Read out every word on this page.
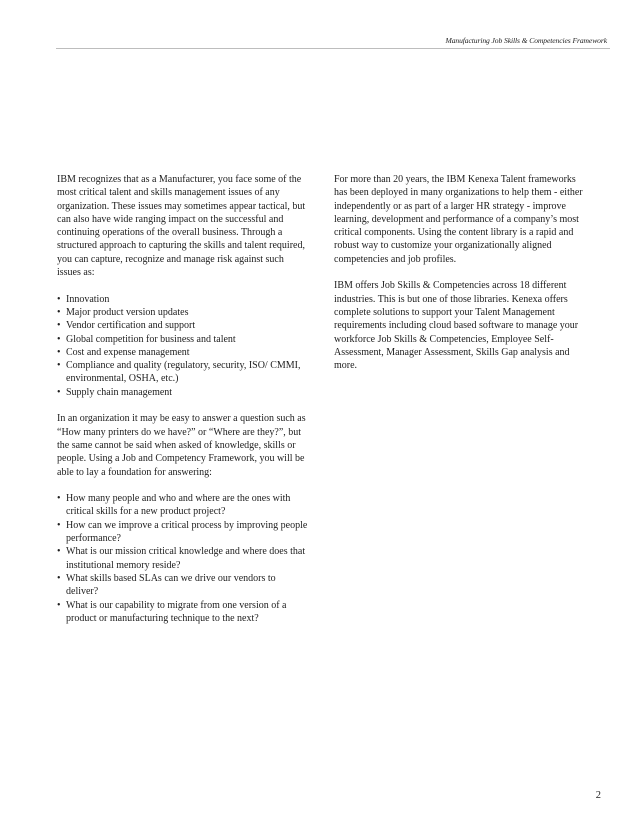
Manufacturing Job Skills & Competencies Framework

IBM recognizes that as a Manufacturer, you face some of the most critical talent and skills management issues of any organization. These issues may sometimes appear tactical, but can also have wide ranging impact on the successful and continuing operations of the overall business. Through a structured approach to capturing the skills and talent required, you can capture, recognize and manage risk against such issues as:

• Innovation
• Major product version updates
• Vendor certification and support
• Global competition for business and talent
• Cost and expense management
• Compliance and quality (regulatory, security, ISO/ CMMI, environmental, OSHA, etc.)
• Supply chain management

In an organization it may be easy to answer a question such as “How many printers do we have?” or “Where are they?”, but the same cannot be said when asked of knowledge, skills or people. Using a Job and Competency Framework, you will be able to lay a foundation for answering:

• How many people and who and where are the ones with critical skills for a new product project?
• How can we improve a critical process by improving people performance?
• What is our mission critical knowledge and where does that institutional memory reside?
• What skills based SLAs can we drive our vendors to deliver?
• What is our capability to migrate from one version of a product or manufacturing technique to the next?

For more than 20 years, the IBM Kenexa Talent frameworks has been deployed in many organizations to help them - either independently or as part of a larger HR strategy - improve learning, development and performance of a company’s most critical components. Using the content library is a rapid and robust way to customize your organizationally aligned competencies and job profiles.

IBM offers Job Skills & Competencies across 18 different industries. This is but one of those libraries. Kenexa offers complete solutions to support your Talent Management requirements including cloud based software to manage your workforce Job Skills & Competencies, Employee Self-Assessment, Manager Assessment, Skills Gap analysis and more.

2
